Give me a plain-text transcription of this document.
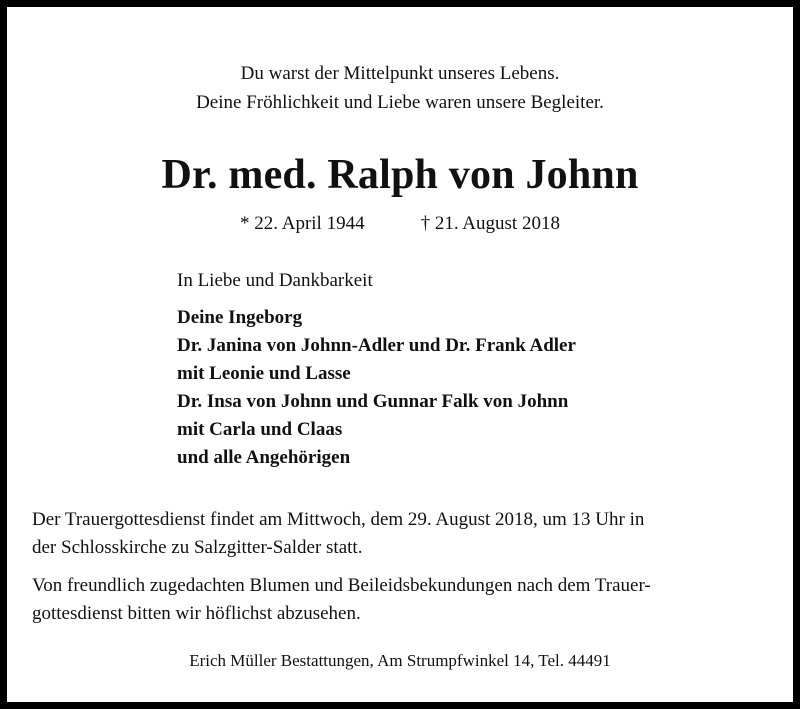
Du warst der Mittelpunkt unseres Lebens.
Deine Fröhlichkeit und Liebe waren unsere Begleiter.
Dr. med. Ralph von Johnn
* 22. April 1944	† 21. August 2018
In Liebe und Dankbarkeit
Deine Ingeborg
Dr. Janina von Johnn-Adler und Dr. Frank Adler
mit Leonie und Lasse
Dr. Insa von Johnn und Gunnar Falk von Johnn
mit Carla und Claas
und alle Angehörigen
Der Trauergottesdienst findet am Mittwoch, dem 29. August 2018, um 13 Uhr in
der Schlosskirche zu Salzgitter-Salder statt.
Von freundlich zugedachten Blumen und Beileidsbekundungen nach dem Trauer-
gottesdienst bitten wir höflichst abzusehen.
Erich Müller Bestattungen, Am Strumpfwinkel 14, Tel. 44491
